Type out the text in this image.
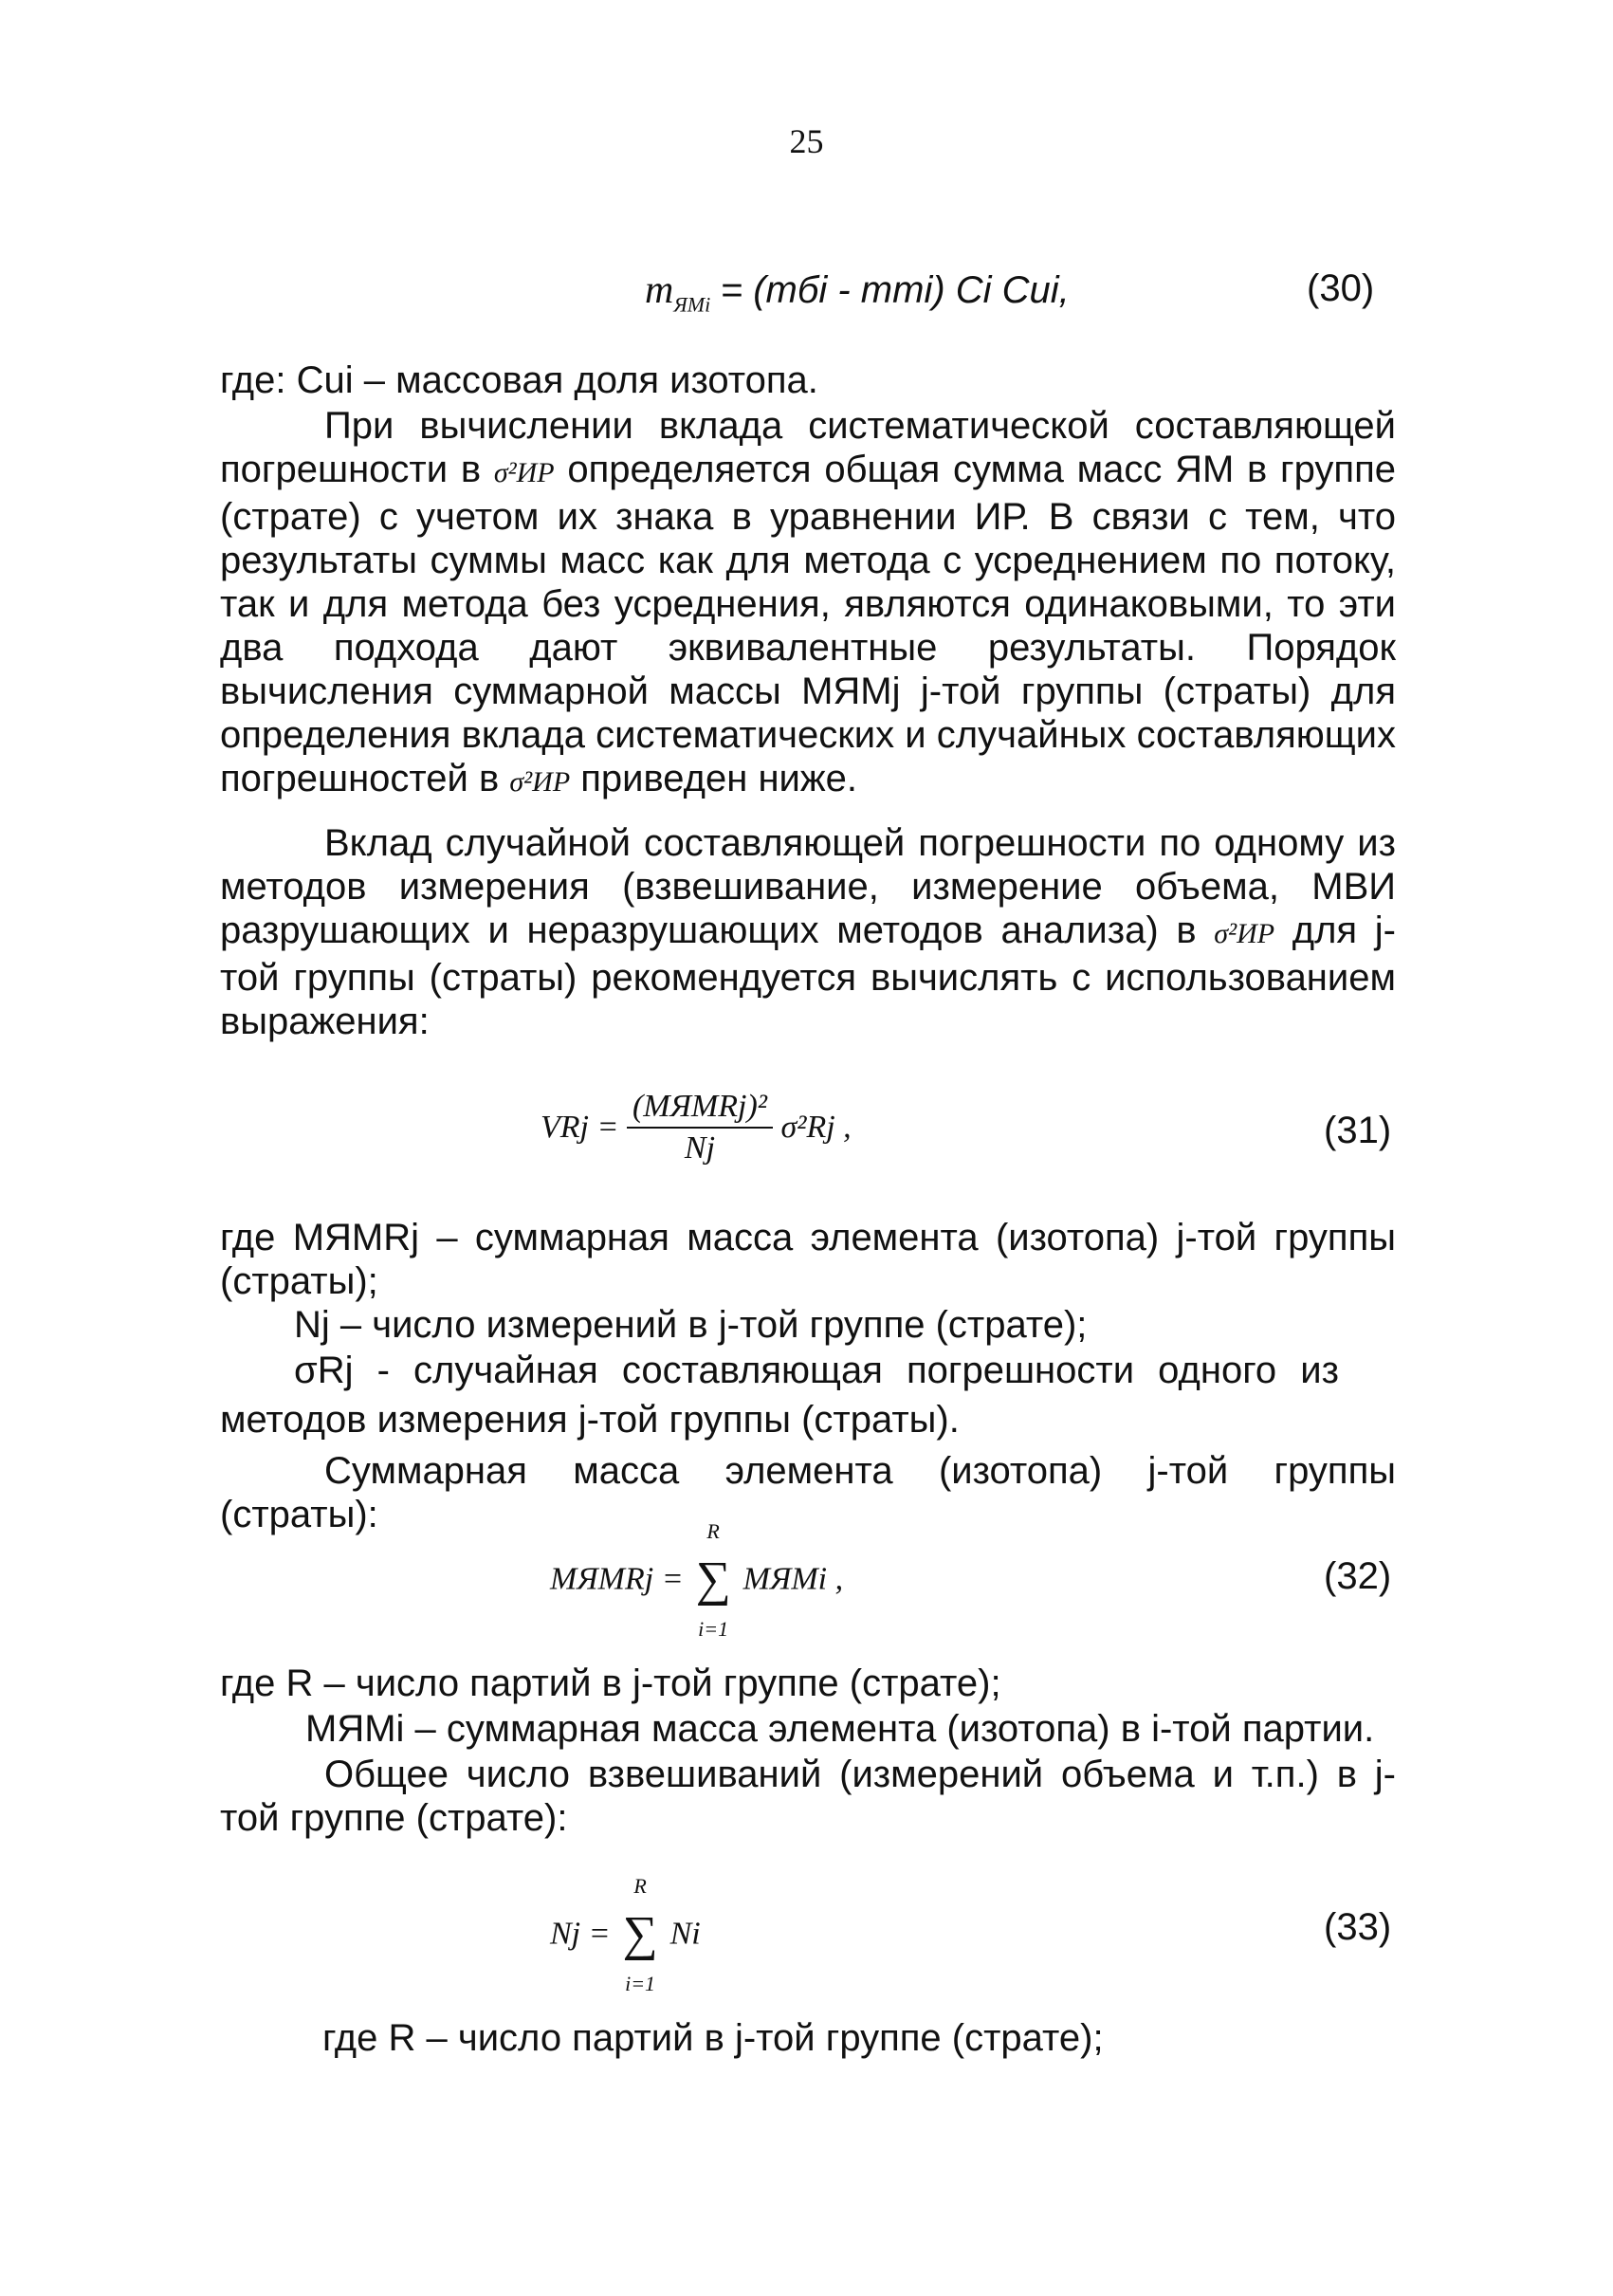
25
$m_{ЯМi} = (mбi - mmi)$ Ci Cui,	(30)
где: Cui – массовая доля изотопа.
При вычислении вклада систематической составляющей погрешности в σ²ИР определяется общая сумма масс ЯМ в группе (страте) с учетом их знака в уравнении ИР. В связи с тем, что результаты суммы масс как для метода с усреднением по потоку, так и для метода без усреднения, являются одинаковыми, то эти два подхода дают эквивалентные результаты. Порядок вычисления суммарной массы MЯМj j-той группы (страты) для определения вклада систематических и случайных составляющих погрешностей в σ²ИР приведен ниже.
Вклад случайной составляющей погрешности по одному из методов измерения (взвешивание, измерение объема, МВИ разрушающих и неразрушающих методов анализа) в σ²ИР для j-той группы (страты) рекомендуется вычислять с использованием выражения:
VRj = $\frac{\text{(MЯМRj)²}}{Nj} \sigma^2Rj$ ,	(31)
где MЯМRj – суммарная масса элемента (изотопа) j-той группы (страты);
Nj – число измерений в j-той группе (страте);
σRj - случайная составляющая погрешности одного из
методов измерения j-той группы (страты).
Суммарная масса элемента (изотопа) j-той группы (страты):
MЯМRj =
R
∑
i=1
MЯМi ,	(32)
где R – число партий в j-той группе (страте);
MЯМi – суммарная масса элемента (изотопа) в i-той партии.
Общее число взвешиваний (измерений объема и т.п.) в j-той группе (страте):
Nj =
R
∑
i=1
Ni	(33)
где R – число партий в j-той группе (страте);
